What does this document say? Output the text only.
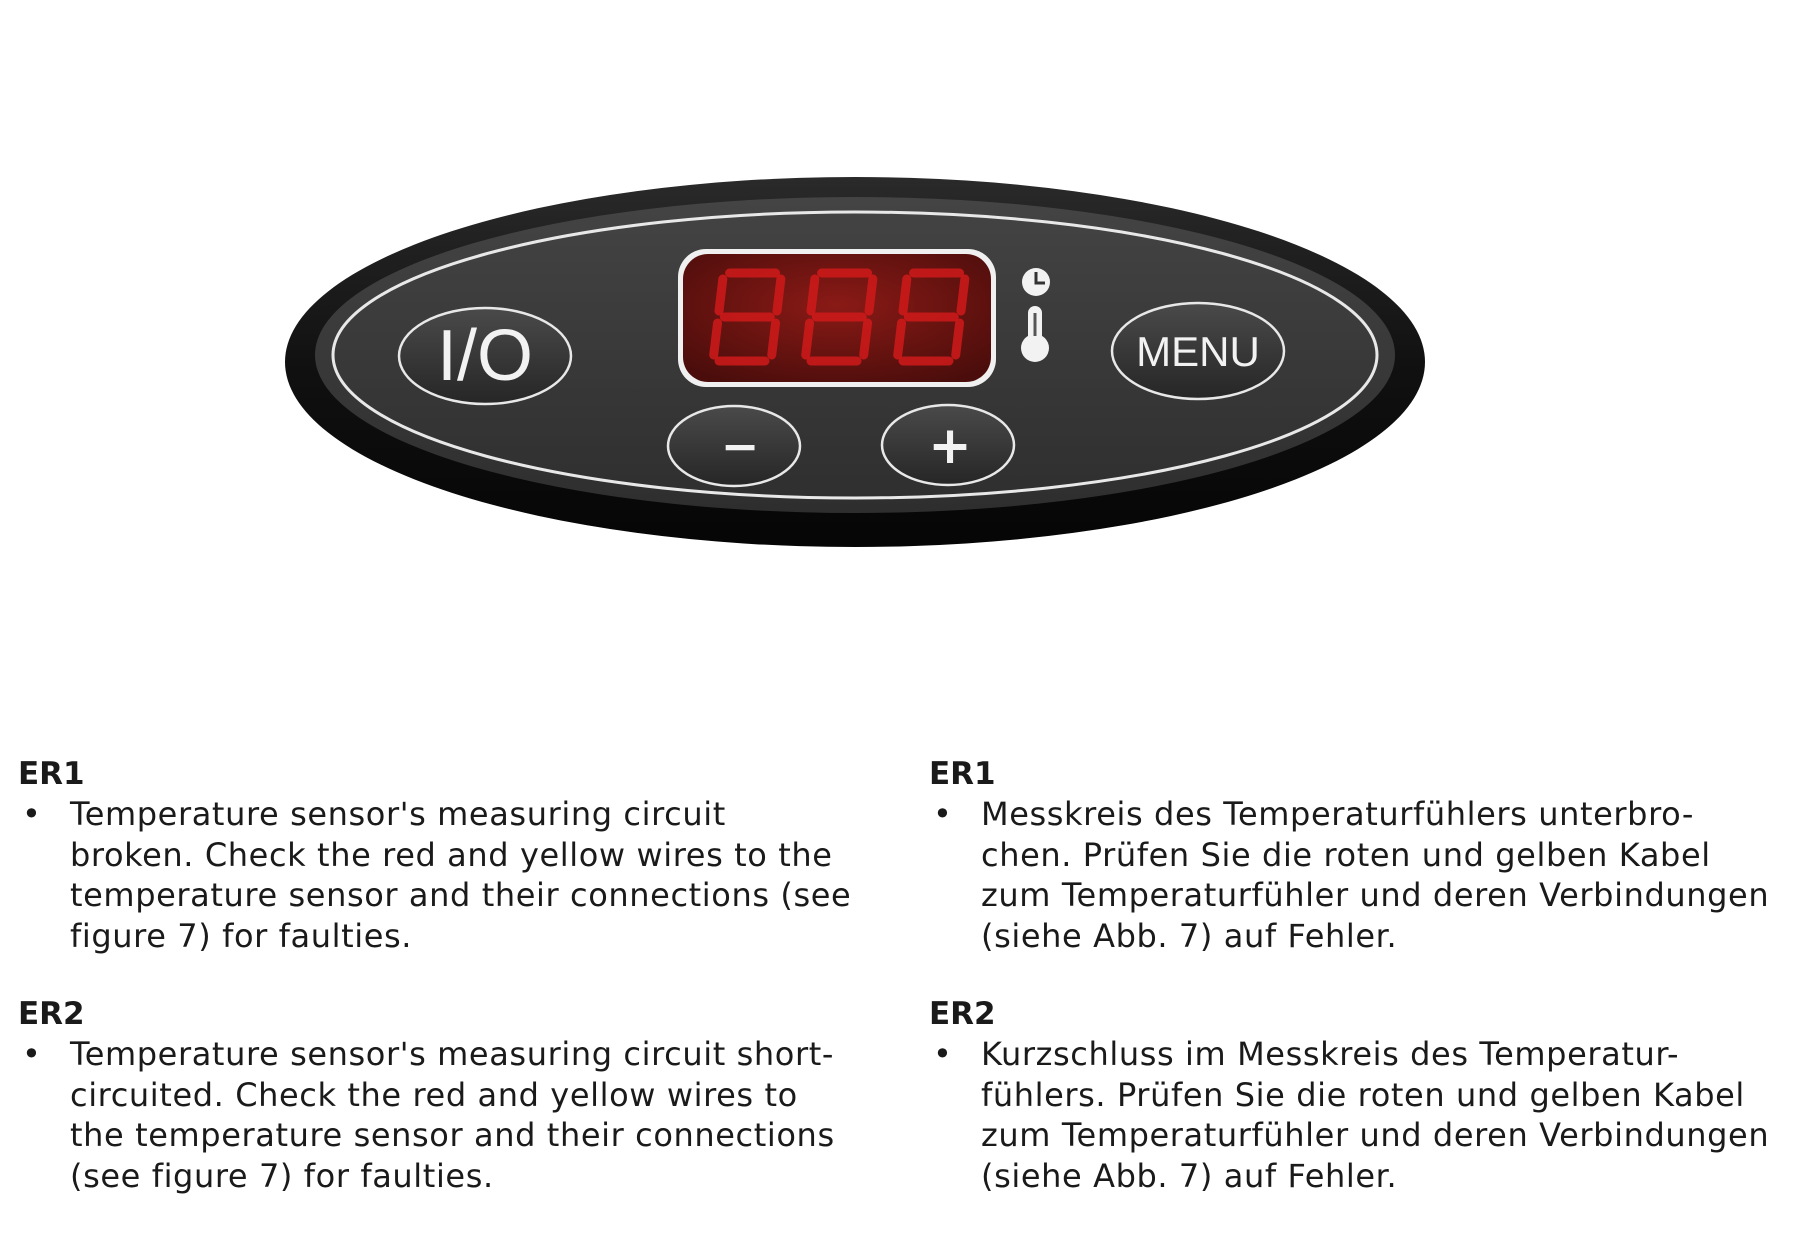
I/O	MENU
−	+
ER1
• Temperature sensor's measuring circuit
broken. Check the red and yellow wires to the
temperature sensor and their connections (see
figure 7) for faulties.
ER2
• Temperature sensor's measuring circuit short-
circuited. Check the red and yellow wires to
the temperature sensor and their connections
(see figure 7) for faulties.
ER1
• Messkreis des Temperaturfühlers unterbro-
chen. Prüfen Sie die roten und gelben Kabel
zum Temperaturfühler und deren Verbindungen
(siehe Abb. 7) auf Fehler.
ER2
• Kurzschluss im Messkreis des Temperatur-
fühlers. Prüfen Sie die roten und gelben Kabel
zum Temperaturfühler und deren Verbindungen
(siehe Abb. 7) auf Fehler.
